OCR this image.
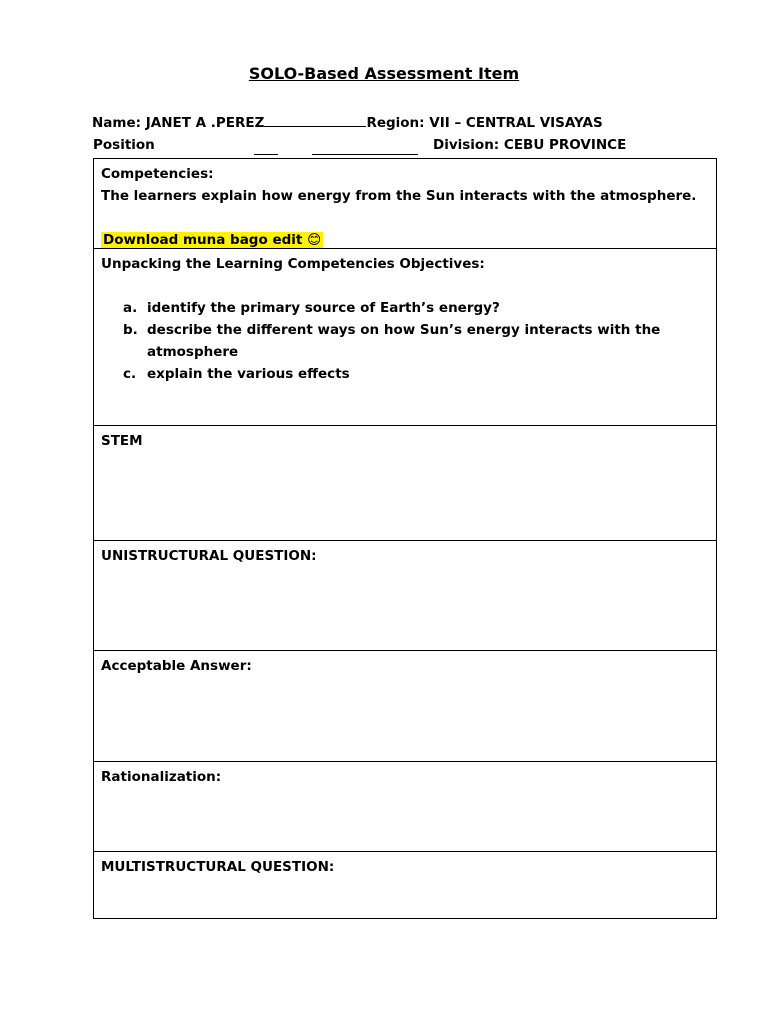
SOLO-Based Assessment Item
Name: JANET A .PEREZ	Region: VII – CENTRAL VISAYAS
Position	Division: CEBU PROVINCE
Competencies:
The learners explain how energy from the Sun interacts with the atmosphere.
Download muna bago edit 😊
Unpacking the Learning Competencies Objectives:
a. identify the primary source of Earth’s energy?
b. describe the different ways on how Sun’s energy interacts with the atmosphere
c. explain the various effects
STEM
UNISTRUCTURAL QUESTION:
Acceptable Answer:
Rationalization:
MULTISTRUCTURAL QUESTION:
